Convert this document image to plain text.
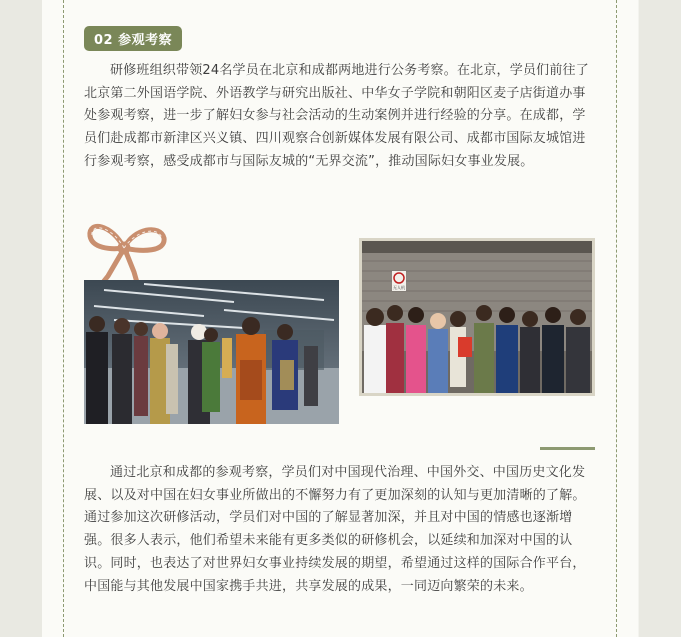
02 参观考察

研修班组织带领24名学员在北京和成都两地进行公务考察。在北京，学员们前往了北京第二外国语学院、外语教学与研究出版社、中华女子学院和朝阳区麦子店街道办事处参观考察，进一步了解妇女参与社会活动的生动案例并进行经验的分享。在成都，学员们赴成都市新津区兴义镇、四川观察合创新媒体发展有限公司、成都市国际友城馆进行参观考察，感受成都市与国际友城的“无界交流”，推动国际妇女事业发展。

无人机

通过北京和成都的参观考察，学员们对中国现代治理、中国外交、中国历史文化发展、以及对中国在妇女事业所做出的不懈努力有了更加深刻的认知与更加清晰的了解。通过参加这次研修活动，学员们对中国的了解显著加深，并且对中国的情感也逐渐增强。很多人表示，他们希望未来能有更多类似的研修机会，以延续和加深对中国的认识。同时，也表达了对世界妇女事业持续发展的期望，希望通过这样的国际合作平台，中国能与其他发展中国家携手共进，共享发展的成果，一同迈向繁荣的未来。
